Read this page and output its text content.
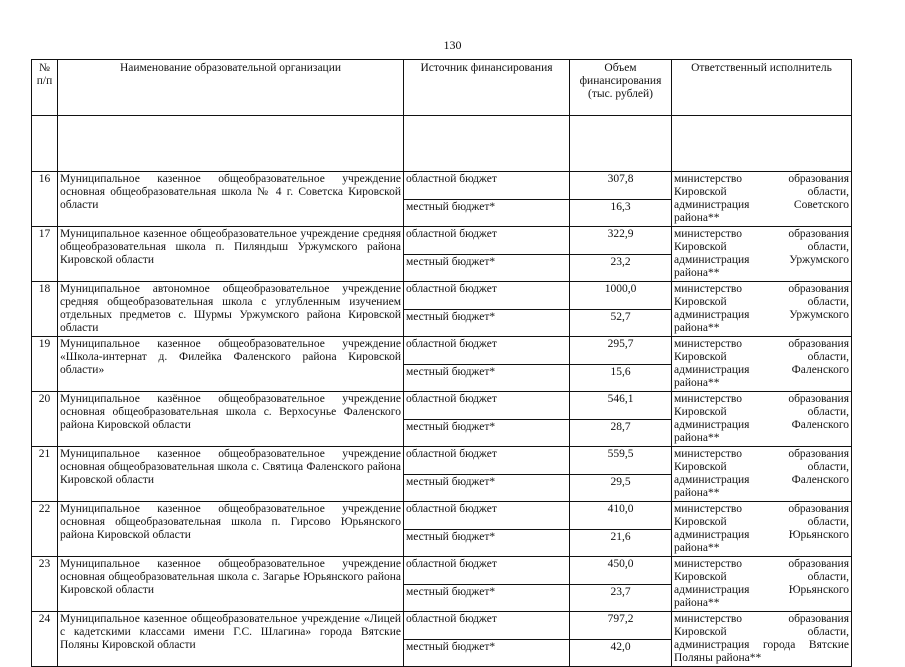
130
№ п/п	Наименование образовательной организации	Источник финансирования	Объем финансирования (тыс. рублей)	Ответственный исполнитель

16	Муниципальное казенное общеобразовательное учреждение основная общеобразовательная школа № 4 г. Советска Кировской области	областной бюджет	307,8	министерство образования Кировской области, администрация Советского района**
		местный бюджет*	16,3	
17	Муниципальное казенное общеобразовательное учреждение средняя общеобразовательная школа п. Пиляндыш Уржумского района Кировской области	областной бюджет	322,9	министерство образования Кировской области, администрация Уржумского района**
		местный бюджет*	23,2	
18	Муниципальное автономное общеобразовательное учреждение средняя общеобразовательная школа с углубленным изучением отдельных предметов с. Шурмы Уржумского района Кировской области	областной бюджет	1000,0	министерство образования Кировской области, администрация Уржумского района**
		местный бюджет*	52,7	
19	Муниципальное казенное общеобразовательное учреждение «Школа-интернат д. Филейка Фаленского района Кировской области»	областной бюджет	295,7	министерство образования Кировской области, администрация Фаленского района**
		местный бюджет*	15,6	
20	Муниципальное казённое общеобразовательное учреждение основная общеобразовательная школа с. Верхосунье Фаленского района Кировской области	областной бюджет	546,1	министерство образования Кировской области, администрация Фаленского района**
		местный бюджет*	28,7	
21	Муниципальное казенное общеобразовательное учреждение основная общеобразовательная школа с. Святица Фаленского района Кировской области	областной бюджет	559,5	министерство образования Кировской области, администрация Фаленского района**
		местный бюджет*	29,5	
22	Муниципальное казенное общеобразовательное учреждение основная общеобразовательная школа п. Гирсово Юрьянского района Кировской области	областной бюджет	410,0	министерство образования Кировской области, администрация Юрьянского района**
		местный бюджет*	21,6	
23	Муниципальное казенное общеобразовательное учреждение основная общеобразовательная школа с. Загарье Юрьянского района Кировской области	областной бюджет	450,0	министерство образования Кировской области, администрация Юрьянского района**
		местный бюджет*	23,7	
24	Муниципальное казенное общеобразовательное учреждение «Лицей с кадетскими классами имени Г.С. Шлагина» города Вятские Поляны Кировской области	областной бюджет	797,2	министерство образования Кировской области, администрация города Вятские Поляны района**
		местный бюджет*	42,0	
